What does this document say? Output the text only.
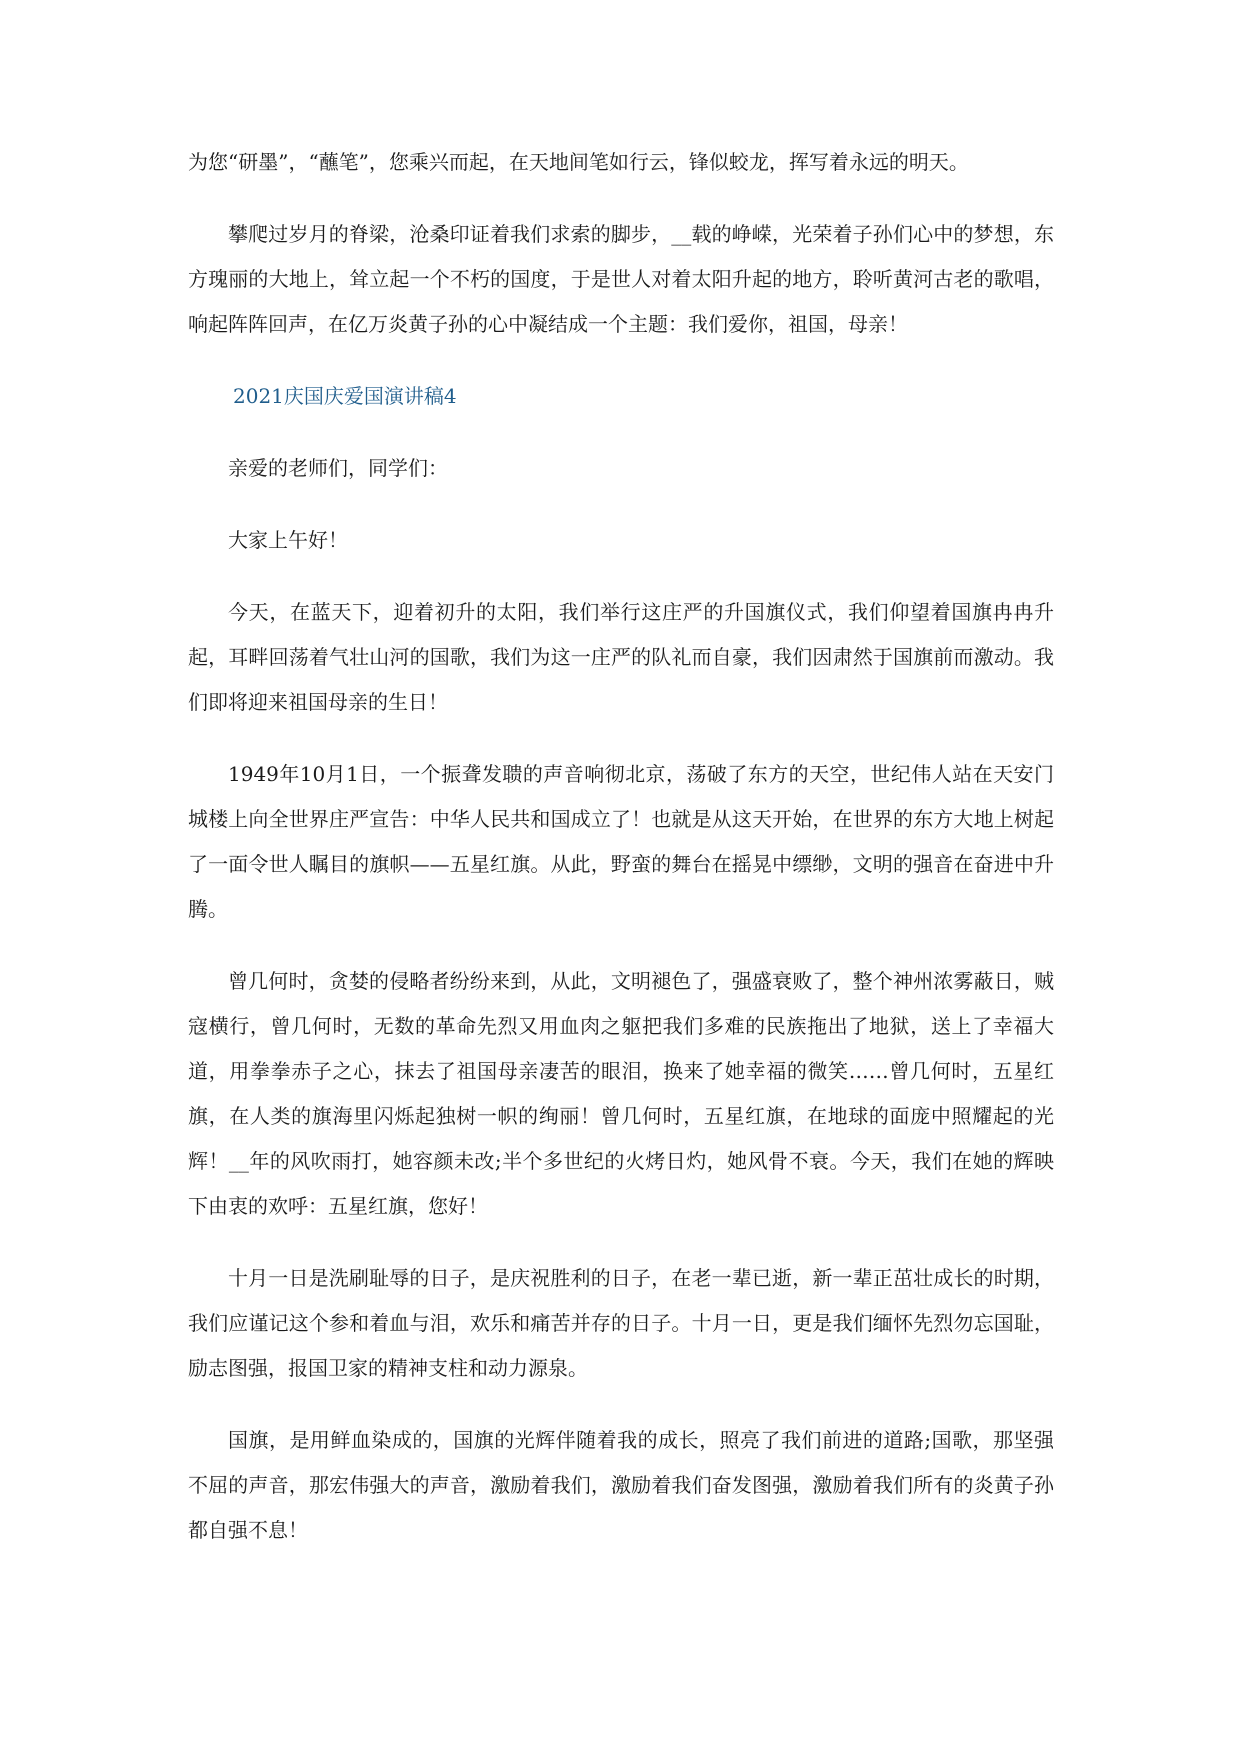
为您“研墨”，“蘸笔”，您乘兴而起，在天地间笔如行云，锋似蛟龙，挥写着永远的明天。

攀爬过岁月的脊梁，沧桑印证着我们求索的脚步，__载的峥嵘，光荣着子孙们心中的梦想，东方瑰丽的大地上，耸立起一个不朽的国度，于是世人对着太阳升起的地方，聆听黄河古老的歌唱，响起阵阵回声，在亿万炎黄子孙的心中凝结成一个主题：我们爱你，祖国，母亲！

2021庆国庆爱国演讲稿4

亲爱的老师们，同学们：

大家上午好！

今天，在蓝天下，迎着初升的太阳，我们举行这庄严的升国旗仪式，我们仰望着国旗冉冉升起，耳畔回荡着气壮山河的国歌，我们为这一庄严的队礼而自豪，我们因肃然于国旗前而激动。我们即将迎来祖国母亲的生日！

1949年10月1日，一个振聋发聩的声音响彻北京，荡破了东方的天空，世纪伟人站在天安门城楼上向全世界庄严宣告：中华人民共和国成立了！也就是从这天开始，在世界的东方大地上树起了一面令世人瞩目的旗帜——五星红旗。从此，野蛮的舞台在摇晃中缥缈，文明的强音在奋进中升腾。

曾几何时，贪婪的侵略者纷纷来到，从此，文明褪色了，强盛衰败了，整个神州浓雾蔽日，贼寇横行，曾几何时，无数的革命先烈又用血肉之躯把我们多难的民族拖出了地狱，送上了幸福大道，用拳拳赤子之心，抹去了祖国母亲凄苦的眼泪，换来了她幸福的微笑……曾几何时，五星红旗，在人类的旗海里闪烁起独树一帜的绚丽！曾几何时，五星红旗，在地球的面庞中照耀起的光辉！__年的风吹雨打，她容颜未改;半个多世纪的火烤日灼，她风骨不衰。今天，我们在她的辉映下由衷的欢呼：五星红旗，您好！

十月一日是洗刷耻辱的日子，是庆祝胜利的日子，在老一辈已逝，新一辈正茁壮成长的时期，我们应谨记这个参和着血与泪，欢乐和痛苦并存的日子。十月一日，更是我们缅怀先烈勿忘国耻，励志图强，报国卫家的精神支柱和动力源泉。

国旗，是用鲜血染成的，国旗的光辉伴随着我的成长，照亮了我们前进的道路;国歌，那坚强不屈的声音，那宏伟强大的声音，激励着我们，激励着我们奋发图强，激励着我们所有的炎黄子孙都自强不息！
